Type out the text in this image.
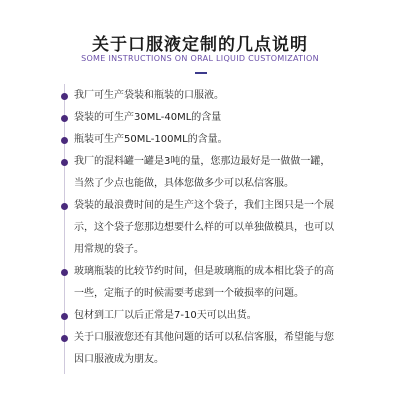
关于口服液定制的几点说明
SOME INSTRUCTIONS ON ORAL LIQUID CUSTOMIZATION
我厂可生产袋装和瓶装的口服液。
袋装的可生产30ML-40ML的含量
瓶装可生产50ML-100ML的含量。
我厂的混料罐一罐是3吨的量，您那边最好是一做做一罐，
当然了少点也能做，具体您做多少可以私信客服。
袋装的最浪费时间的是生产这个袋子，我们主图只是一个展
示，这个袋子您那边想要什么样的可以单独做模具，也可以
用常规的袋子。
玻璃瓶装的比较节约时间，但是玻璃瓶的成本相比袋子的高
一些，定瓶子的时候需要考虑到一个破损率的问题。
包材到工厂以后正常是7-10天可以出货。
关于口服液您还有其他问题的话可以私信客服，希望能与您
因口服液成为朋友。
